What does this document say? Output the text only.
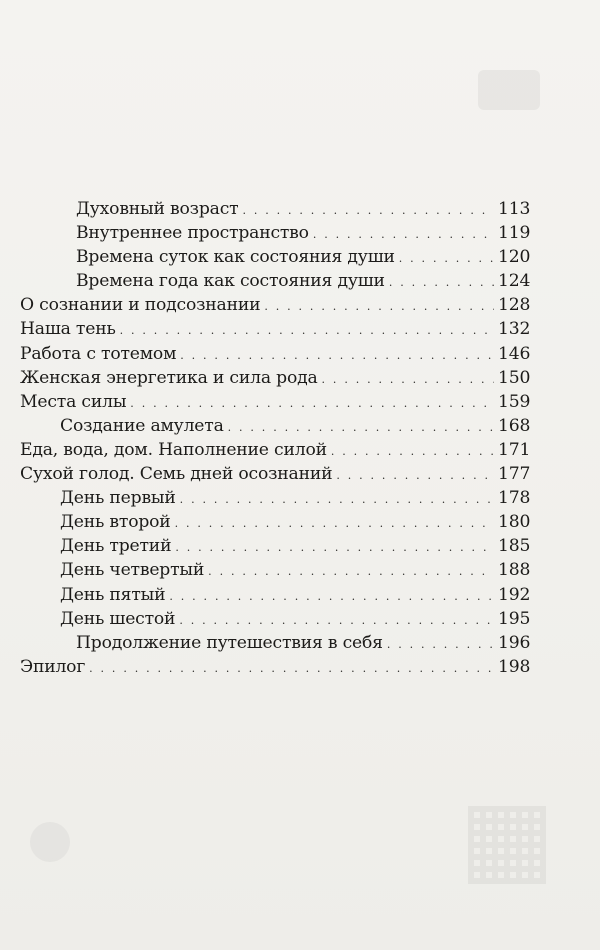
Духовный возраст . . .	113
Внутреннее пространство . . .	119
Времена суток как состояния души . . .	120
Времена года как состояния души . . .	124
О сознании и подсознании . . .	128
Наша тень . . .	132
Работа с тотемом . . .	146
Женская энергетика и сила рода . . .	150
Места силы . . .	159
Создание амулета . . .	168
Еда, вода, дом. Наполнение силой . . .	171
Сухой голод. Семь дней осознаний . . .	177
День первый . . .	178
День второй . . .	180
День третий . . .	185
День четвертый . . .	188
День пятый . . .	192
День шестой . . .	195
Продолжение путешествия в себя . . .	196
Эпилог . . .	198
